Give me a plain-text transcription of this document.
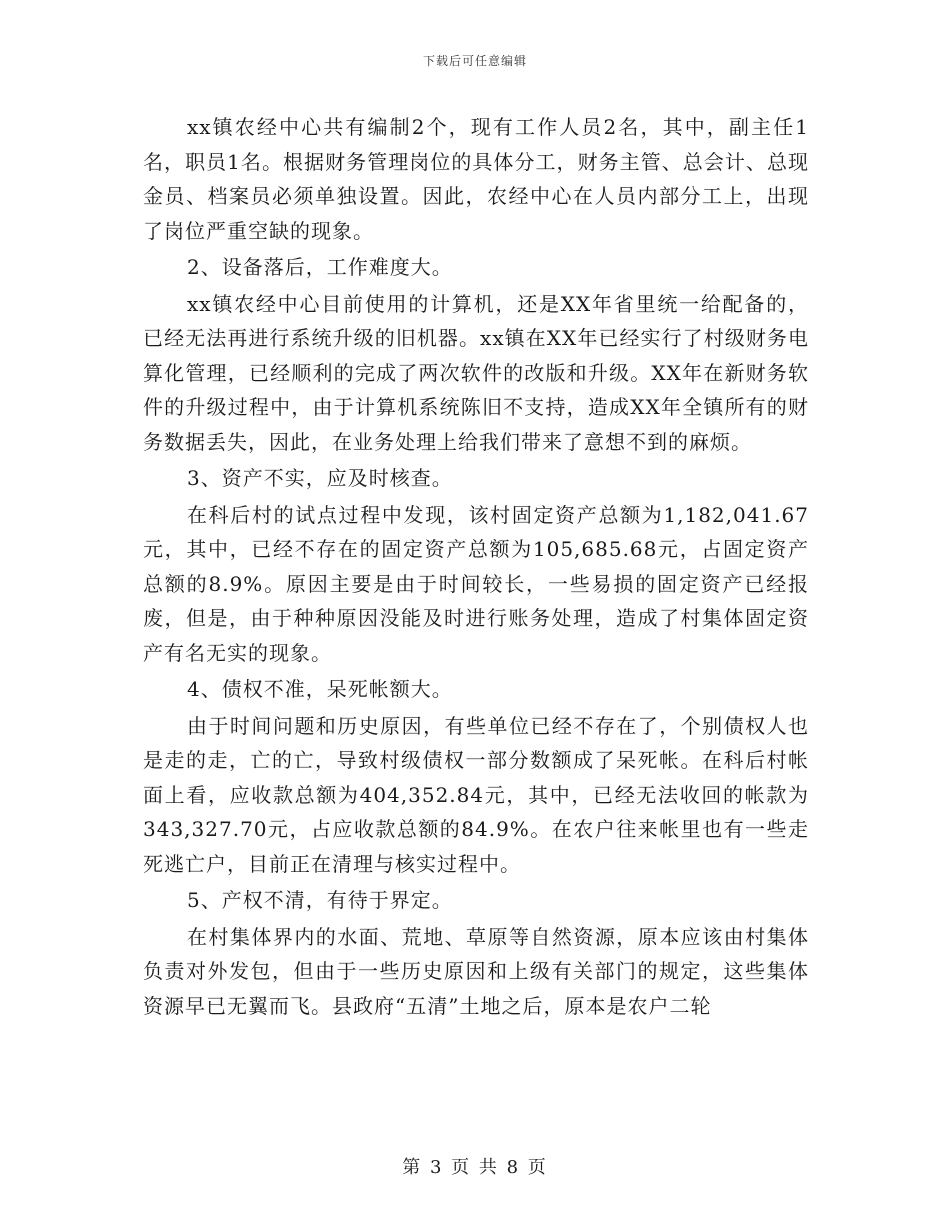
下载后可任意编辑

xx镇农经中心共有编制2个，现有工作人员2名，其中，副主任1名，职员1名。根据财务管理岗位的具体分工，财务主管、总会计、总现金员、档案员必须单独设置。因此，农经中心在人员内部分工上，出现了岗位严重空缺的现象。

2、设备落后，工作难度大。

xx镇农经中心目前使用的计算机，还是XX年省里统一给配备的，已经无法再进行系统升级的旧机器。xx镇在XX年已经实行了村级财务电算化管理，已经顺利的完成了两次软件的改版和升级。XX年在新财务软件的升级过程中，由于计算机系统陈旧不支持，造成XX年全镇所有的财务数据丢失，因此，在业务处理上给我们带来了意想不到的麻烦。

3、资产不实，应及时核查。

在科后村的试点过程中发现，该村固定资产总额为1,182,041.67元，其中，已经不存在的固定资产总额为105,685.68元，占固定资产总额的8.9%。原因主要是由于时间较长，一些易损的固定资产已经报废，但是，由于种种原因没能及时进行账务处理，造成了村集体固定资产有名无实的现象。

4、债权不准，呆死帐额大。

由于时间问题和历史原因，有些单位已经不存在了，个别债权人也是走的走，亡的亡，导致村级债权一部分数额成了呆死帐。在科后村帐面上看，应收款总额为404,352.84元，其中，已经无法收回的帐款为343,327.70元，占应收款总额的84.9%。在农户往来帐里也有一些走死逃亡户，目前正在清理与核实过程中。

5、产权不清，有待于界定。

在村集体界内的水面、荒地、草原等自然资源，原本应该由村集体负责对外发包，但由于一些历史原因和上级有关部门的规定，这些集体资源早已无翼而飞。县政府“五清”土地之后，原本是农户二轮

第 3 页 共 8 页
